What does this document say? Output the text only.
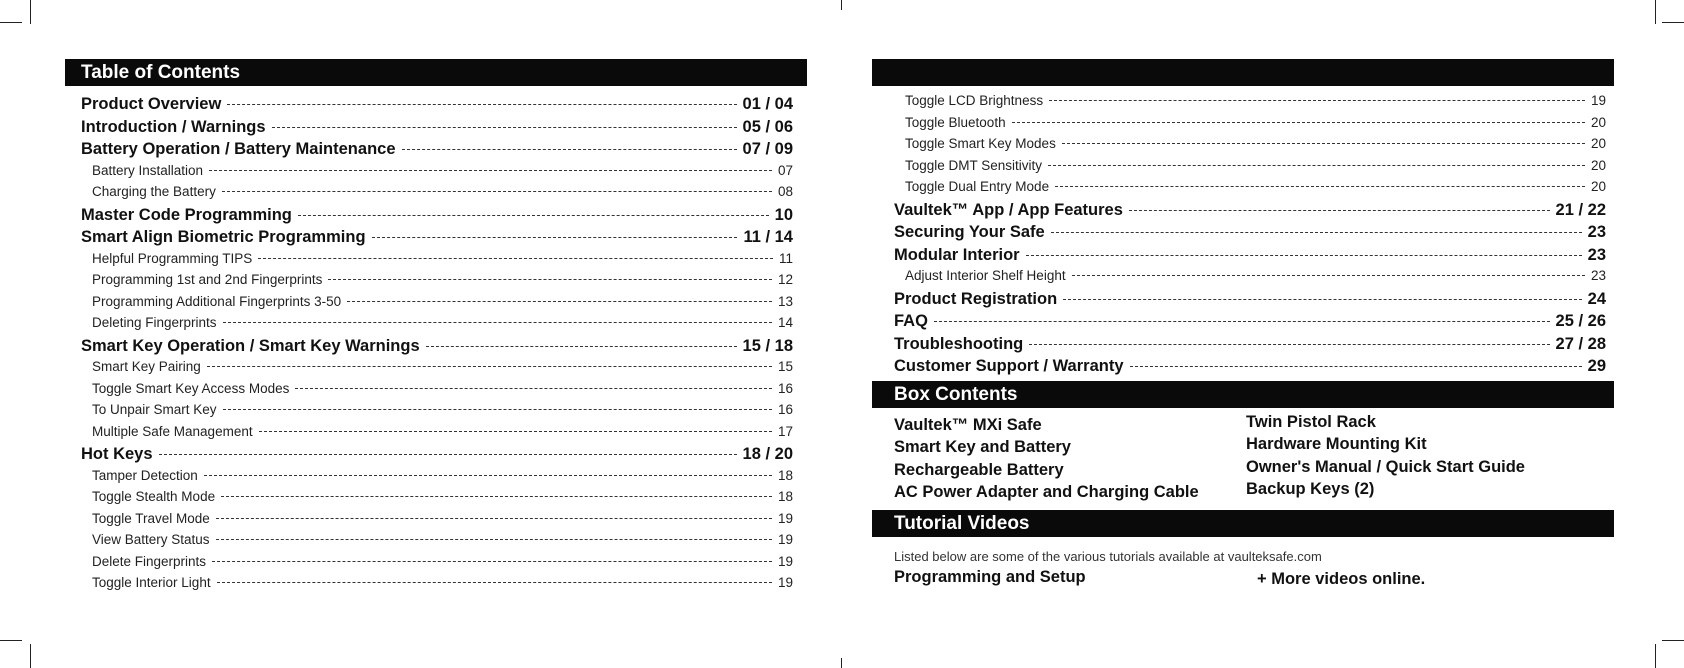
Table of Contents
Product Overview	01 / 04
Introduction / Warnings	05 / 06
Battery Operation / Battery Maintenance	07 / 09
Battery Installation	07
Charging the Battery	08
Master Code Programming	10
Smart Align Biometric Programming	11 / 14
Helpful Programming TIPS	11
Programming 1st and 2nd Fingerprints	12
Programming Additional Fingerprints 3-50	13
Deleting Fingerprints	14
Smart Key Operation / Smart Key Warnings	15 / 18
Smart Key Pairing	15
Toggle Smart Key Access Modes	16
To Unpair Smart Key	16
Multiple Safe Management	17
Hot Keys	18 / 20
Tamper Detection	18
Toggle Stealth Mode	18
Toggle Travel Mode	19
View Battery Status	19
Delete Fingerprints	19
Toggle Interior Light	19
Toggle LCD Brightness	19
Toggle Bluetooth	20
Toggle Smart Key Modes	20
Toggle DMT Sensitivity	20
Toggle Dual Entry Mode	20
Vaultek™ App / App Features	21 / 22
Securing Your Safe	23
Modular Interior	23
Adjust Interior Shelf Height	23
Product Registration	24
FAQ	25 / 26
Troubleshooting	27 / 28
Customer Support / Warranty	29
Box Contents
Vaultek™ MXi Safe
Smart Key and Battery
Rechargeable Battery
AC Power Adapter and Charging Cable
Twin Pistol Rack
Hardware Mounting Kit
Owner's Manual / Quick Start Guide
Backup Keys (2)
Tutorial Videos
Listed below are some of the various tutorials available at vaulteksafe.com
Programming and Setup	+ More videos online.
